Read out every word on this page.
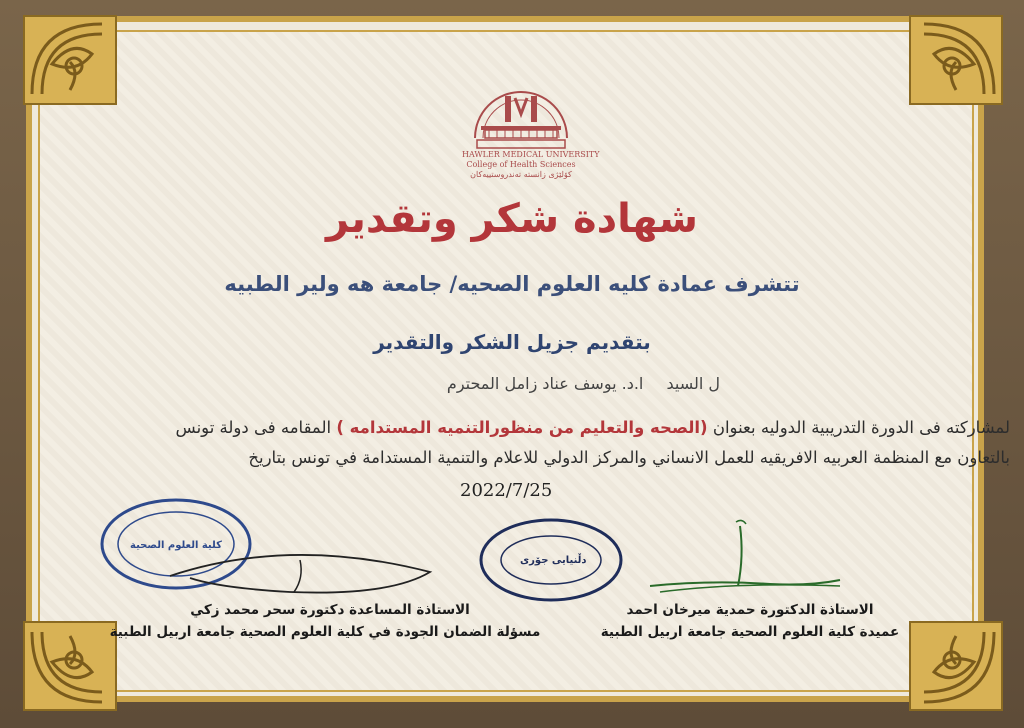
HAWLER MEDICAL UNIVERSITY
College of Health Sciences
كۆلێژی زانستە تەندروستییەکان
شهادة شكر وتقدير
تتشرف عمادة كليه العلوم الصحيه/ جامعة هه ولير الطبيه
بتقديم جزيل الشكر والتقدير
ل السيد ا.د. يوسف عناد زامل المحترم
لمشاركته فى الدورة التدريبية الدوليه بعنوان (الصحه والتعليم من منظورالتنميه المستدامه ) المقامه فى دولة تونس
بالتعاون مع المنظمة العربيه الافريقيه للعمل الانساني والمركز الدولي للاعلام والتنمية المستدامة في تونس بتاريخ
2022/7/25
كلية العلوم الصحية
دڵنیایی جۆری
الاستاذة الدكتورة حمدية ميرخان احمد
عميدة كلية العلوم الصحية جامعة اربيل الطبية
الاستاذة المساعدة دكتورة سحر محمد زكي
مسؤلة الضمان الجودة في كلية العلوم الصحية جامعة اربيل الطبية
